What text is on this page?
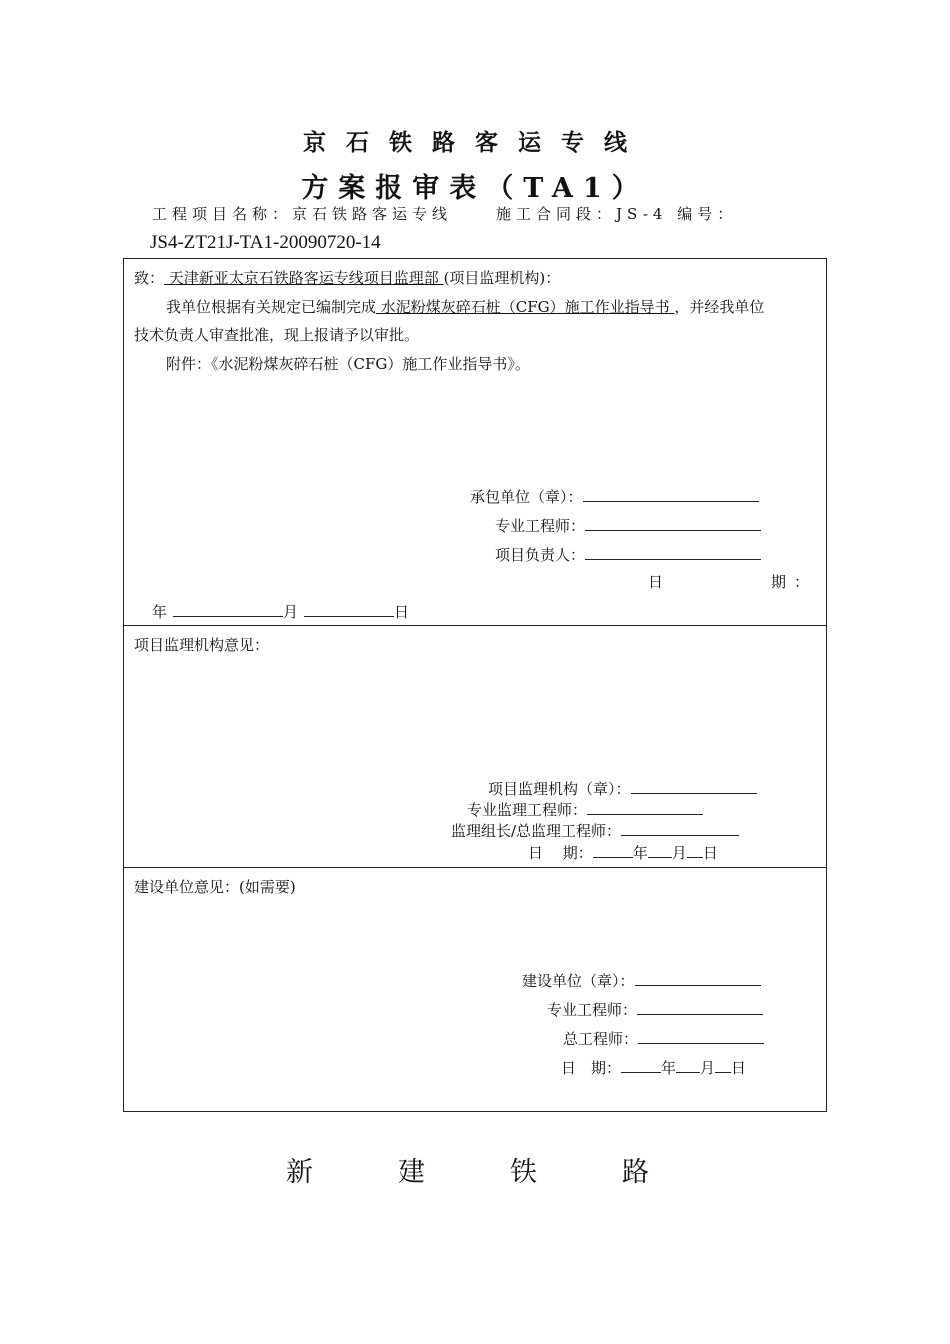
京石铁路客运专线
方案报审表（TA1）
工程项目名称：京石铁路客运专线	施工合同段：JS-4 编号：
JS4-ZT21J-TA1-20090720-14
致： 天津新亚太京石铁路客运专线项目监理部 (项目监理机构)：
我单位根据有关规定已编制完成 水泥粉煤灰碎石桩（CFG）施工作业指导书 ，并经我单位
技术负责人审查批准，现上报请予以审批。
附件：《水泥粉煤灰碎石桩（CFG）施工作业指导书》。
承包单位（章）：
专业工程师：
项目负责人：
日	期：
年	月	日
项目监理机构意见：
项目监理机构（章）：
专业监理工程师：
监理组长/总监理工程师：
日　 期：	年 月 日
建设单位意见：(如需要)
建设单位（章）：
专业工程师：
总工程师：
日　期：	年 月 日
新	建	铁	路
